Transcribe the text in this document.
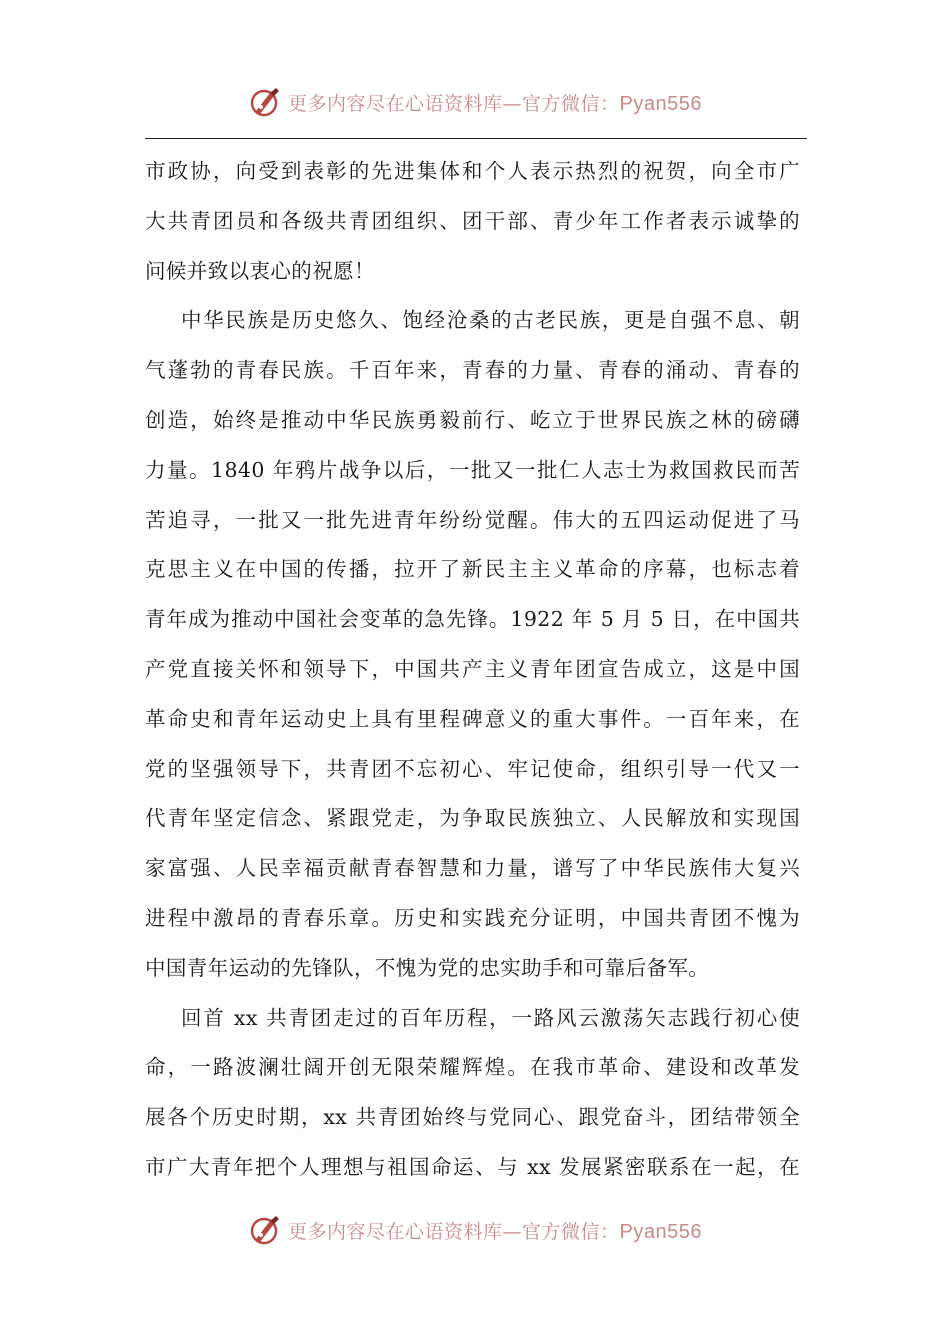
更多内容尽在心语资料库—官方微信：Pyan556
市政协，向受到表彰的先进集体和个人表示热烈的祝贺，向全市广
大共青团员和各级共青团组织、团干部、青少年工作者表示诚挚的
问候并致以衷心的祝愿！
中华民族是历史悠久、饱经沧桑的古老民族，更是自强不息、朝
气蓬勃的青春民族。千百年来，青春的力量、青春的涌动、青春的
创造，始终是推动中华民族勇毅前行、屹立于世界民族之林的磅礴
力量。1840 年鸦片战争以后，一批又一批仁人志士为救国救民而苦
苦追寻，一批又一批先进青年纷纷觉醒。伟大的五四运动促进了马
克思主义在中国的传播，拉开了新民主主义革命的序幕，也标志着
青年成为推动中国社会变革的急先锋。1922 年 5 月 5 日，在中国共
产党直接关怀和领导下，中国共产主义青年团宣告成立，这是中国
革命史和青年运动史上具有里程碑意义的重大事件。一百年来，在
党的坚强领导下，共青团不忘初心、牢记使命，组织引导一代又一
代青年坚定信念、紧跟党走，为争取民族独立、人民解放和实现国
家富强、人民幸福贡献青春智慧和力量，谱写了中华民族伟大复兴
进程中激昂的青春乐章。历史和实践充分证明，中国共青团不愧为
中国青年运动的先锋队，不愧为党的忠实助手和可靠后备军。
回首 xx 共青团走过的百年历程，一路风云激荡矢志践行初心使
命，一路波澜壮阔开创无限荣耀辉煌。在我市革命、建设和改革发
展各个历史时期，xx 共青团始终与党同心、跟党奋斗，团结带领全
市广大青年把个人理想与祖国命运、与 xx 发展紧密联系在一起，在
更多内容尽在心语资料库—官方微信：Pyan556
